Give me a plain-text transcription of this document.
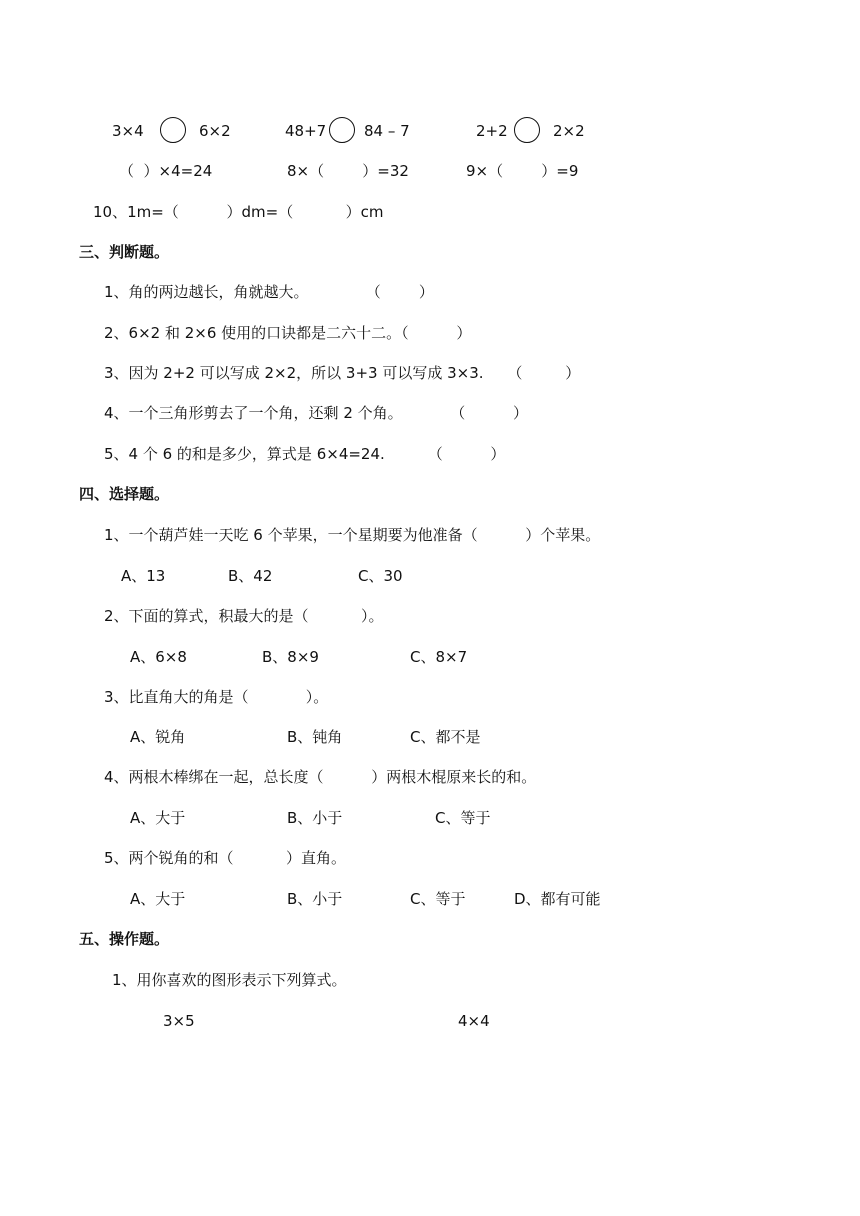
3×4	6×2	48+7	84 – 7	2+2	2×2
（  ）×4=24	8×（        ）=32	9×（        ）=9
10、1m=（          ）dm=（           ）cm
三、判断题。
1、角的两边越长，角就越大。            （        ）
2、6×2 和 2×6 使用的口诀都是二六十二。（          ）
3、因为 2+2 可以写成 2×2，所以 3+3 可以写成 3×3.     （         ）
4、一个三角形剪去了一个角，还剩 2 个角。          （          ）
5、4 个 6 的和是多少，算式是 6×4=24.         （          ）
四、选择题。
1、一个葫芦娃一天吃 6 个苹果，一个星期要为他准备（          ）个苹果。
A、13	B、42	C、30
2、下面的算式，积最大的是（           ）。
A、6×8	B、8×9	C、8×7
3、比直角大的角是（            ）。
A、锐角	B、钝角	C、都不是
4、两根木棒绑在一起，总长度（          ）两根木棍原来长的和。
A、大于	B、小于	C、等于
5、两个锐角的和（           ）直角。
A、大于	B、小于	C、等于	D、都有可能
五、操作题。
1、用你喜欢的图形表示下列算式。
3×5	4×4
